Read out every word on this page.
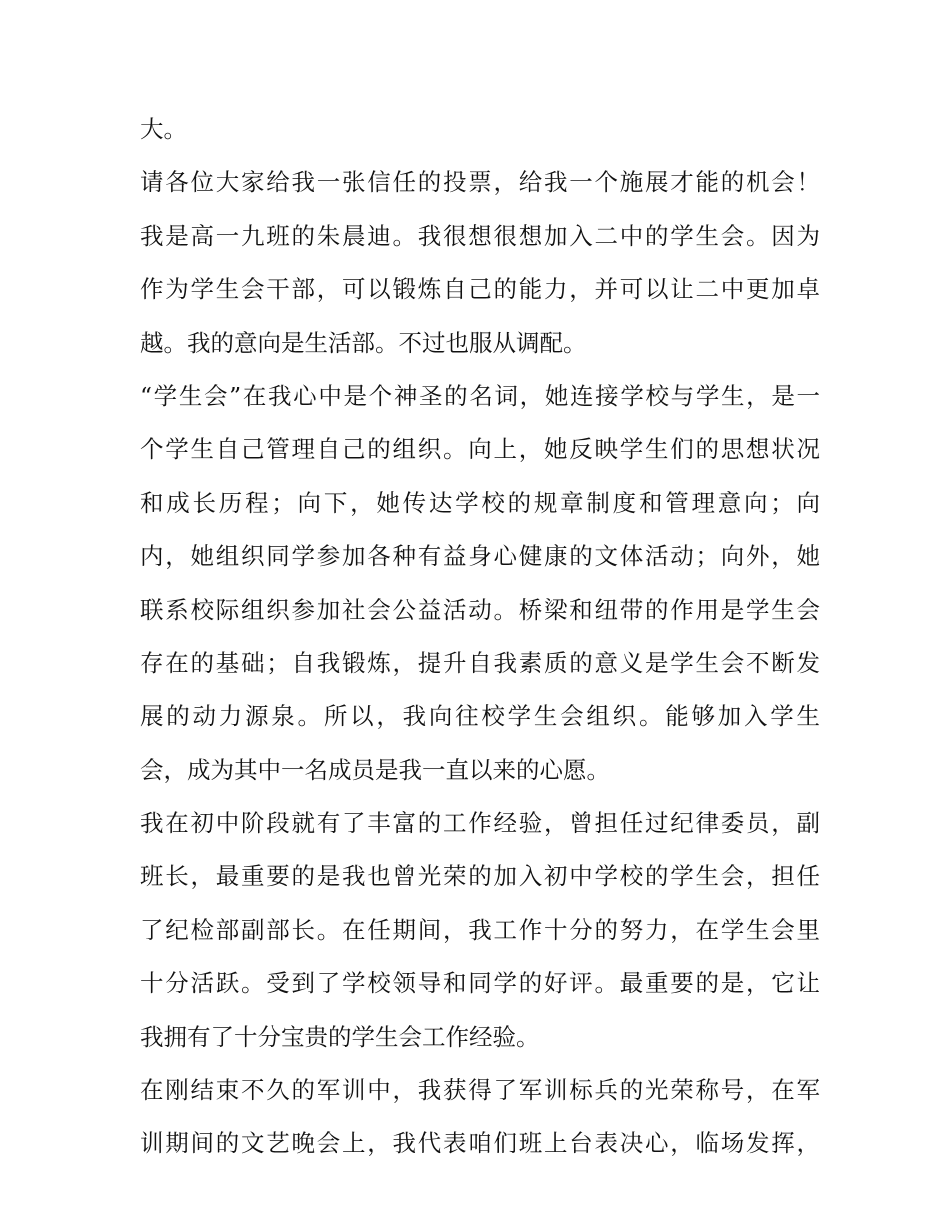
大。
请各位大家给我一张信任的投票，给我一个施展才能的机会！
我是高一九班的朱晨迪。我很想很想加入二中的学生会。因为
作为学生会干部，可以锻炼自己的能力，并可以让二中更加卓
越。我的意向是生活部。不过也服从调配。
“学生会”在我心中是个神圣的名词，她连接学校与学生，是一
个学生自己管理自己的组织。向上，她反映学生们的思想状况
和成长历程；向下，她传达学校的规章制度和管理意向；向
内，她组织同学参加各种有益身心健康的文体活动；向外，她
联系校际组织参加社会公益活动。桥梁和纽带的作用是学生会
存在的基础；自我锻炼，提升自我素质的意义是学生会不断发
展的动力源泉。所以，我向往校学生会组织。能够加入学生
会，成为其中一名成员是我一直以来的心愿。
我在初中阶段就有了丰富的工作经验，曾担任过纪律委员，副
班长，最重要的是我也曾光荣的加入初中学校的学生会，担任
了纪检部副部长。在任期间，我工作十分的努力，在学生会里
十分活跃。受到了学校领导和同学的好评。最重要的是，它让
我拥有了十分宝贵的学生会工作经验。
在刚结束不久的军训中，我获得了军训标兵的光荣称号，在军
训期间的文艺晚会上，我代表咱们班上台表决心，临场发挥，
